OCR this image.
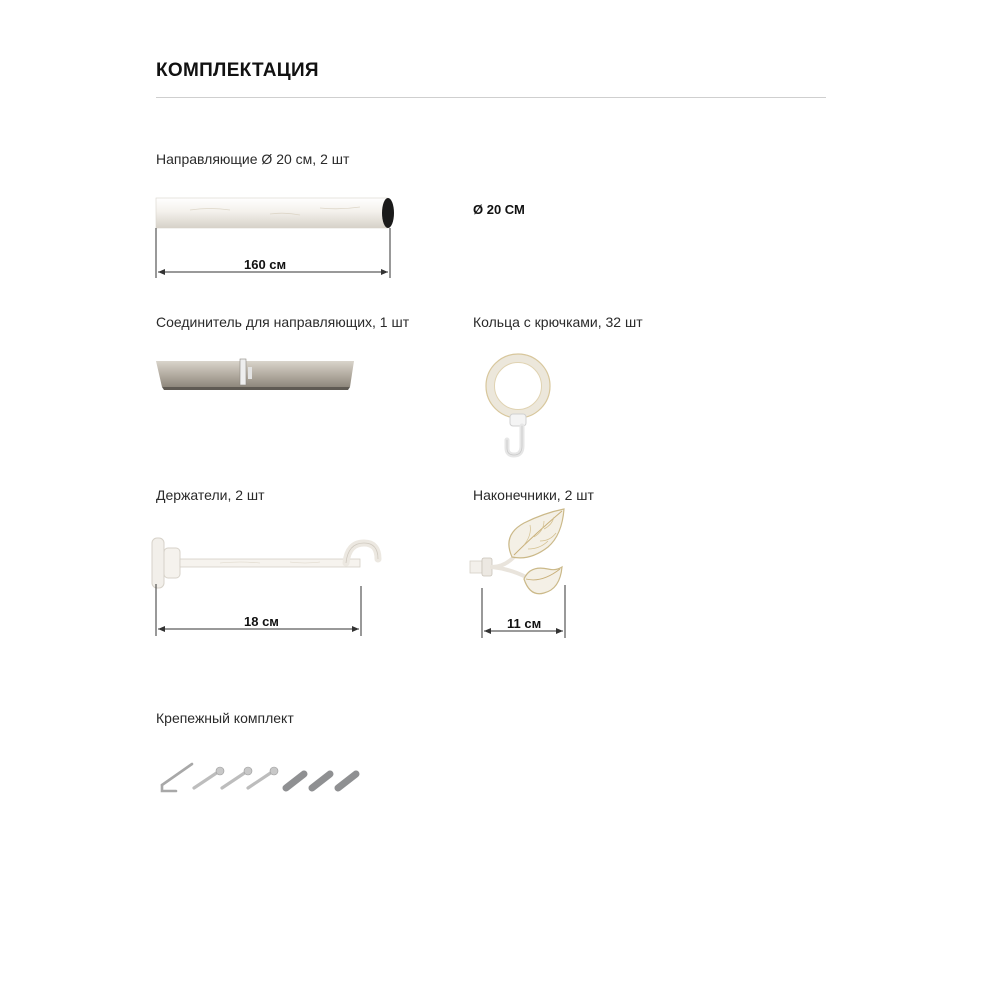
КОМПЛЕКТАЦИЯ
Направляющие Ø 20 см, 2 шт
160 см
Ø 20 СМ
Соединитель для направляющих, 1 шт	Кольца с крючками, 32 шт
Держатели, 2 шт
18 см
Наконечники, 2 шт
11 см
Крепежный комплект
